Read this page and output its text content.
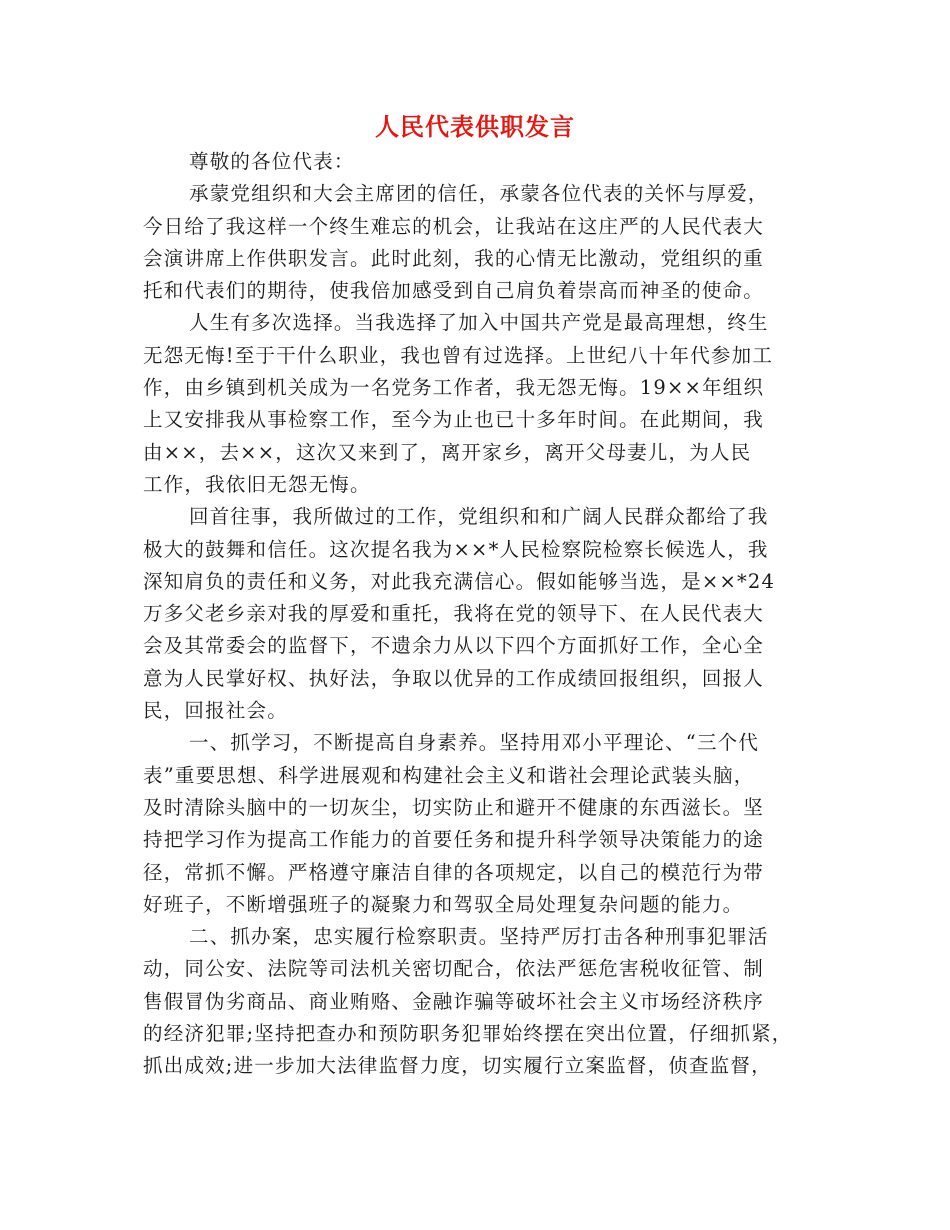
人民代表供职发言
尊敬的各位代表：
承蒙党组织和大会主席团的信任，承蒙各位代表的关怀与厚爱，
今日给了我这样一个终生难忘的机会，让我站在这庄严的人民代表大
会演讲席上作供职发言。此时此刻，我的心情无比激动，党组织的重
托和代表们的期待，使我倍加感受到自己肩负着崇高而神圣的使命。
人生有多次选择。当我选择了加入中国共产党是最高理想，终生
无怨无悔!至于干什么职业，我也曾有过选择。上世纪八十年代参加工
作，由乡镇到机关成为一名党务工作者，我无怨无悔。19××年组织
上又安排我从事检察工作，至今为止也已十多年时间。在此期间，我
由××，去××，这次又来到了，离开家乡，离开父母妻儿，为人民
工作，我依旧无怨无悔。
回首往事，我所做过的工作，党组织和和广阔人民群众都给了我
极大的鼓舞和信任。这次提名我为××*人民检察院检察长候选人，我
深知肩负的责任和义务，对此我充满信心。假如能够当选，是××*24
万多父老乡亲对我的厚爱和重托，我将在党的领导下、在人民代表大
会及其常委会的监督下，不遗余力从以下四个方面抓好工作，全心全
意为人民掌好权、执好法，争取以优异的工作成绩回报组织，回报人
民，回报社会。
一、抓学习，不断提高自身素养。坚持用邓小平理论、“三个代
表”重要思想、科学进展观和构建社会主义和谐社会理论武装头脑，
及时清除头脑中的一切灰尘，切实防止和避开不健康的东西滋长。坚
持把学习作为提高工作能力的首要任务和提升科学领导决策能力的途
径，常抓不懈。严格遵守廉洁自律的各项规定，以自己的模范行为带
好班子，不断增强班子的凝聚力和驾驭全局处理复杂问题的能力。
二、抓办案，忠实履行检察职责。坚持严厉打击各种刑事犯罪活
动，同公安、法院等司法机关密切配合，依法严惩危害税收征管、制
售假冒伪劣商品、商业贿赂、金融诈骗等破坏社会主义市场经济秩序
的经济犯罪;坚持把查办和预防职务犯罪始终摆在突出位置，仔细抓紧，
抓出成效;进一步加大法律监督力度，切实履行立案监督，侦查监督，
